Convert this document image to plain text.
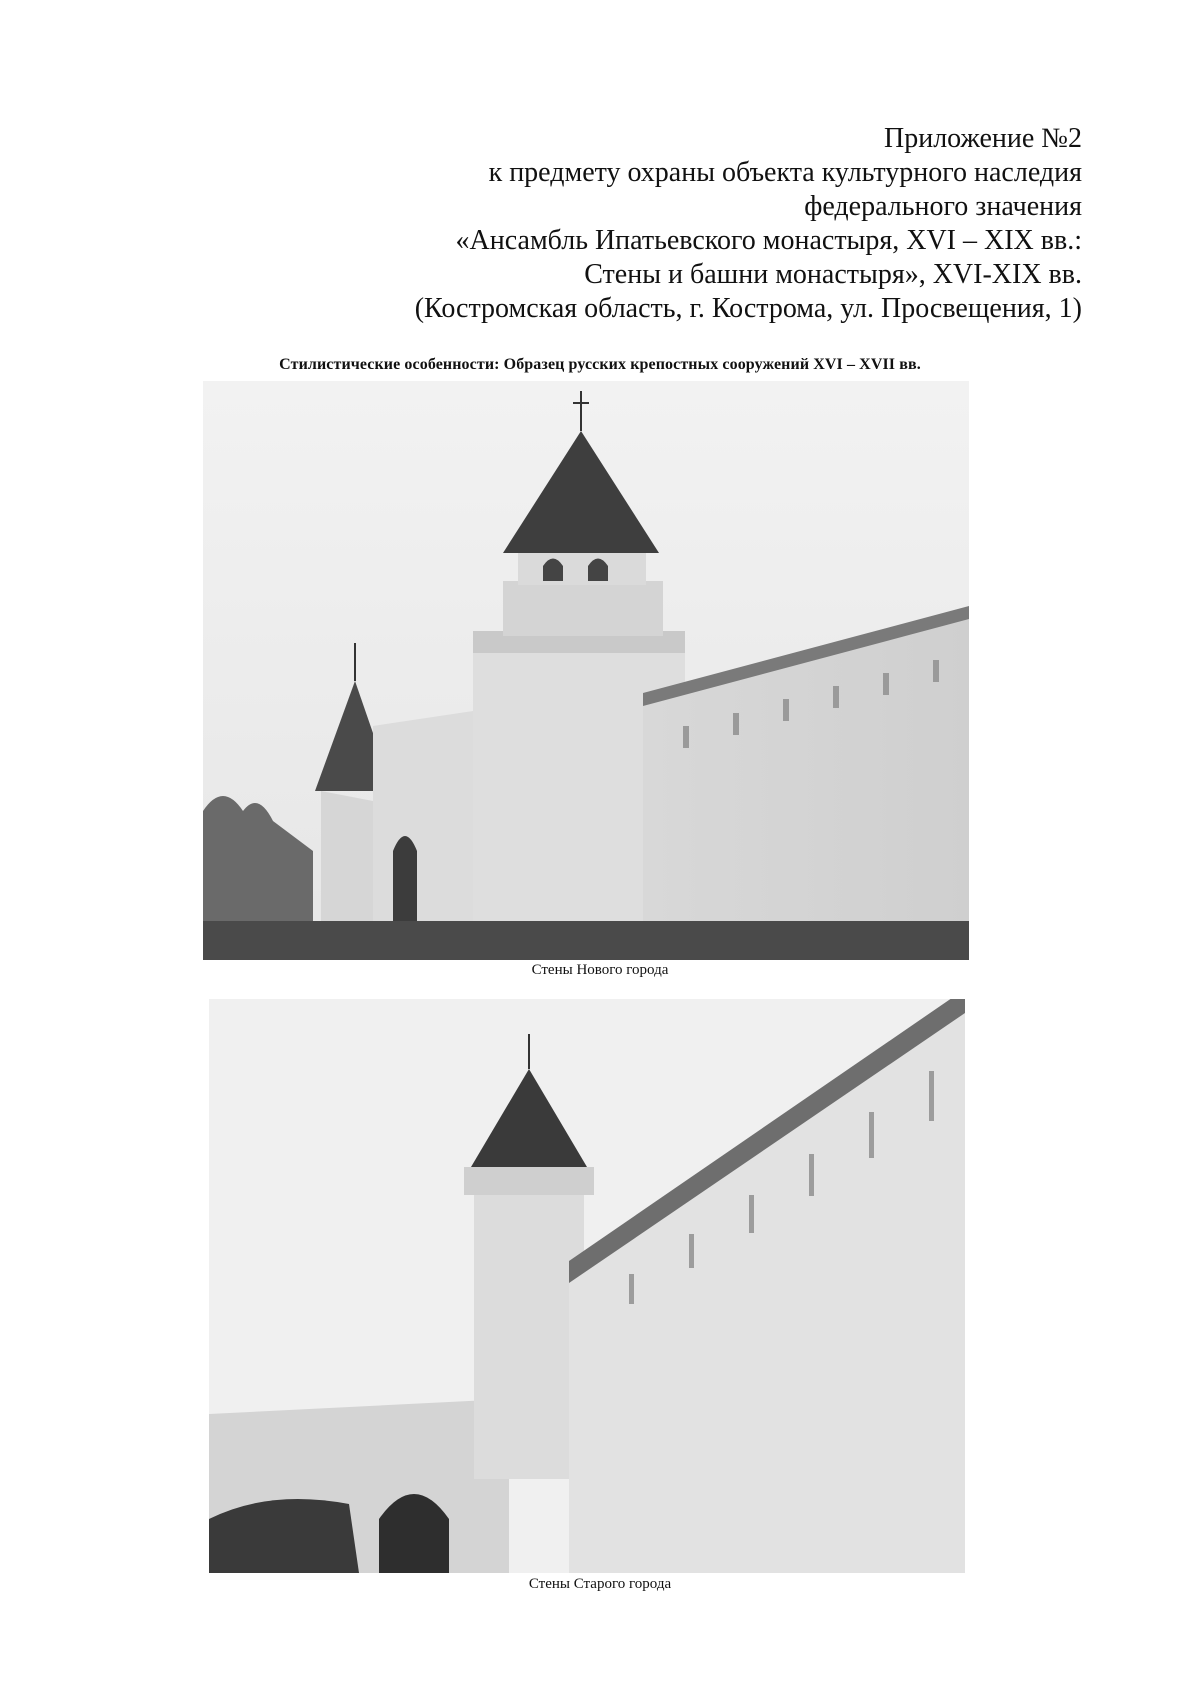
Приложение №2
к предмету охраны объекта культурного наследия
федерального значения
«Ансамбль Ипатьевского монастыря, XVI – XIX вв.:
Стены и башни монастыря», XVI-XIX вв.
(Костромская область, г. Кострома, ул. Просвещения, 1)
Стилистические особенности: Образец русских крепостных сооружений XVI – XVII вв.
Стены Нового города
Стены Старого города
